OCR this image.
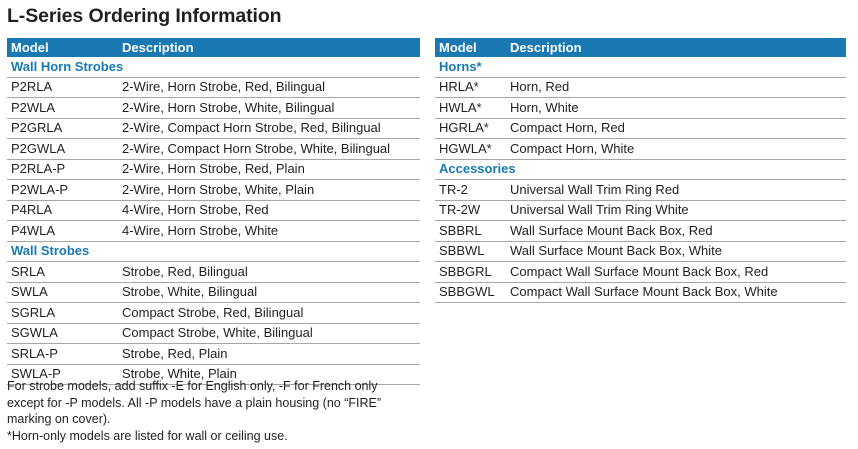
L-Series Ordering Information
Model	Description
Wall Horn Strobes	
P2RLA	2-Wire, Horn Strobe, Red, Bilingual
P2WLA	2-Wire, Horn Strobe, White, Bilingual
P2GRLA	2-Wire, Compact Horn Strobe, Red, Bilingual
P2GWLA	2-Wire, Compact Horn Strobe, White, Bilingual
P2RLA-P	2-Wire, Horn Strobe, Red, Plain
P2WLA-P	2-Wire, Horn Strobe, White, Plain
P4RLA	4-Wire, Horn Strobe, Red
P4WLA	4-Wire, Horn Strobe, White
Wall Strobes	
SRLA	Strobe, Red, Bilingual
SWLA	Strobe, White, Bilingual
SGRLA	Compact Strobe, Red, Bilingual
SGWLA	Compact Strobe, White, Bilingual
SRLA-P	Strobe, Red, Plain
SWLA-P	Strobe, White, Plain
Model	Description
Horns*	
HRLA*	Horn, Red
HWLA*	Horn, White
HGRLA*	Compact Horn, Red
HGWLA*	Compact Horn, White
Accessories	
TR-2	Universal Wall Trim Ring Red
TR-2W	Universal Wall Trim Ring White
SBBRL	Wall Surface Mount Back Box, Red
SBBWL	Wall Surface Mount Back Box, White
SBBGRL	Compact Wall Surface Mount Back Box, Red
SBBGWL	Compact Wall Surface Mount Back Box, White

For strobe models, add suffix -E for English only, -F for French only

except for -P models. All -P models have a plain housing (no “FIRE”

marking on cover).

*Horn-only models are listed for wall or ceiling use.
